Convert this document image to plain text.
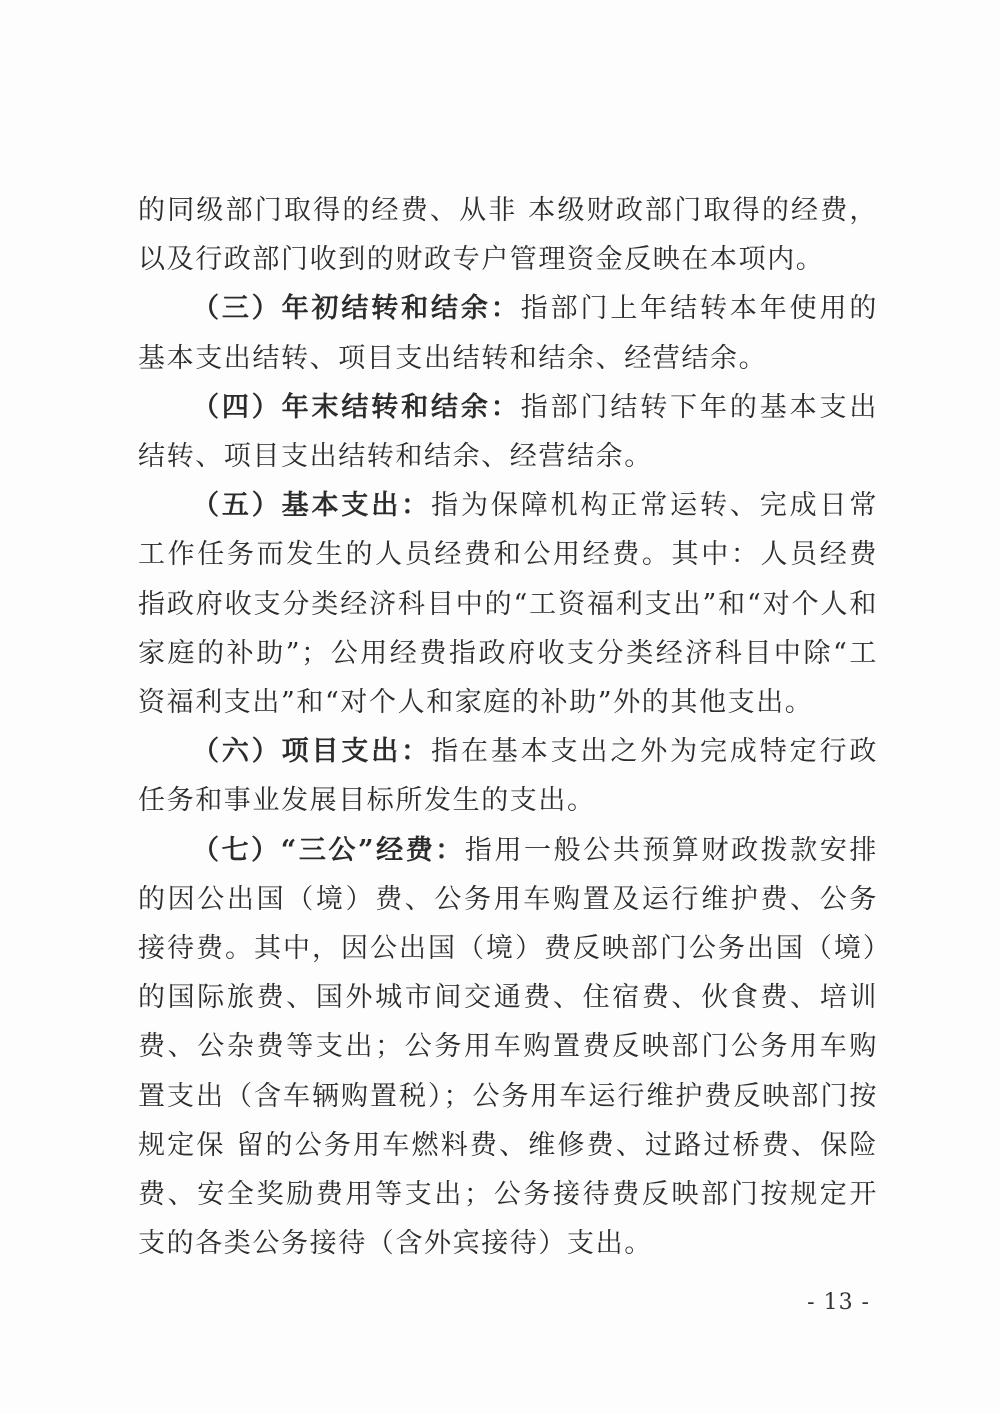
的同级部门取得的经费、从非 本级财政部门取得的经费，以及行政部门收到的财政专户管理资金反映在本项内。

（三）年初结转和结余：指部门上年结转本年使用的基本支出结转、项目支出结转和结余、经营结余。

（四）年末结转和结余：指部门结转下年的基本支出结转、项目支出结转和结余、经营结余。

（五）基本支出：指为保障机构正常运转、完成日常工作任务而发生的人员经费和公用经费。其中：人员经费指政府收支分类经济科目中的“工资福利支出”和“对个人和家庭的补助”；公用经费指政府收支分类经济科目中除“工资福利支出”和“对个人和家庭的补助”外的其他支出。

（六）项目支出：指在基本支出之外为完成特定行政任务和事业发展目标所发生的支出。

（七）“三公”经费：指用一般公共预算财政拨款安排的因公出国（境）费、公务用车购置及运行维护费、公务接待费。其中，因公出国（境）费反映部门公务出国（境）的国际旅费、国外城市间交通费、住宿费、伙食费、培训费、公杂费等支出；公务用车购置费反映部门公务用车购置支出（含车辆购置税）；公务用车运行维护费反映部门按规定保 留的公务用车燃料费、维修费、过路过桥费、保险费、安全奖励费用等支出；公务接待费反映部门按规定开支的各类公务接待（含外宾接待）支出。

- 13 -
